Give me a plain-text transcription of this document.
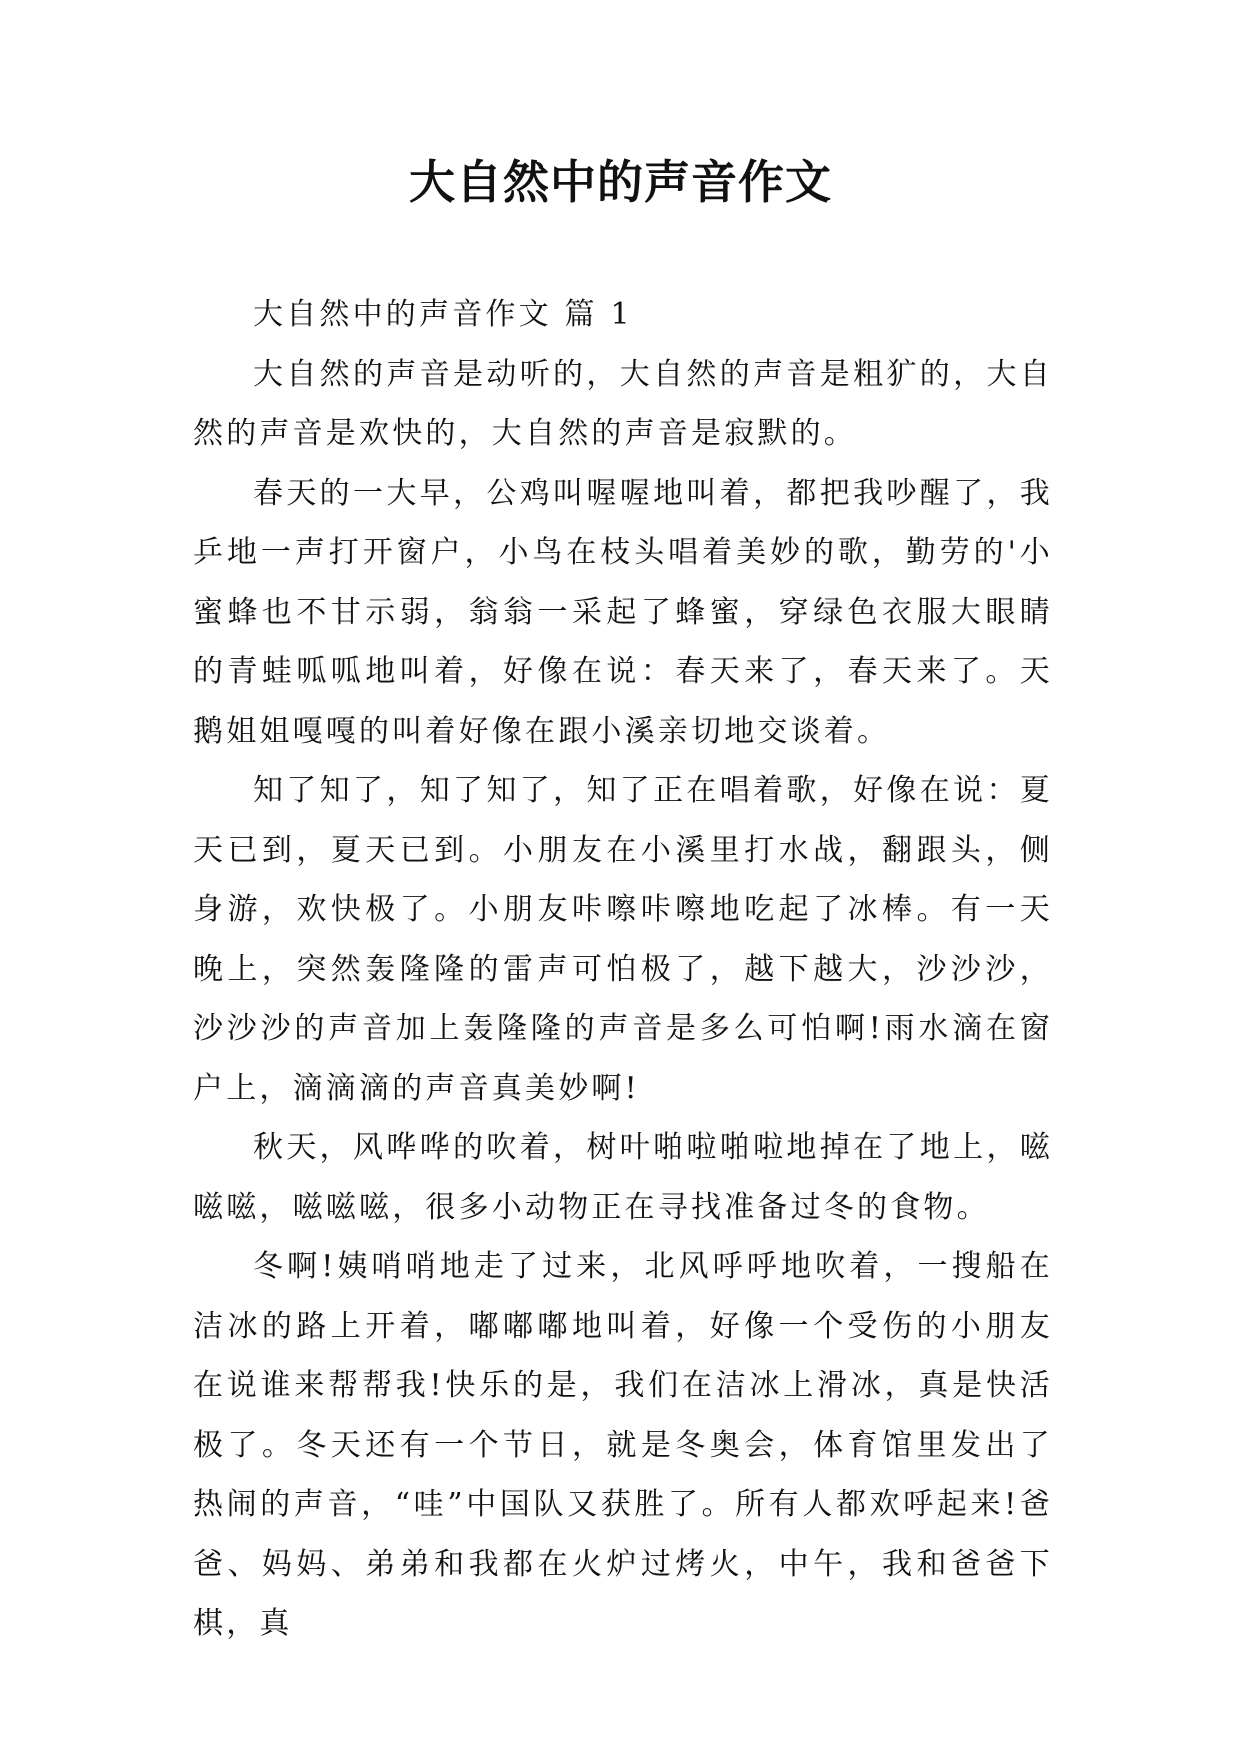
大自然中的声音作文

大自然中的声音作文 篇 1

大自然的声音是动听的，大自然的声音是粗犷的，大自然的声音是欢快的，大自然的声音是寂默的。

春天的一大早，公鸡叫喔喔地叫着，都把我吵醒了，我乒地一声打开窗户，小鸟在枝头唱着美妙的歌，勤劳的'小蜜蜂也不甘示弱，翁翁一采起了蜂蜜，穿绿色衣服大眼睛的青蛙呱呱地叫着，好像在说：春天来了，春天来了。天鹅姐姐嘎嘎的叫着好像在跟小溪亲切地交谈着。

知了知了，知了知了，知了正在唱着歌，好像在说：夏天已到，夏天已到。小朋友在小溪里打水战，翻跟头，侧身游，欢快极了。小朋友咔嚓咔嚓地吃起了冰棒。有一天晚上，突然轰隆隆的雷声可怕极了，越下越大，沙沙沙，沙沙沙的声音加上轰隆隆的声音是多么可怕啊!雨水滴在窗户上，滴滴滴的声音真美妙啊!

秋天，风哗哗的吹着，树叶啪啦啪啦地掉在了地上，嗞嗞嗞，嗞嗞嗞，很多小动物正在寻找准备过冬的食物。

冬啊!姨哨哨地走了过来，北风呼呼地吹着，一搜船在洁冰的路上开着，嘟嘟嘟地叫着，好像一个受伤的小朋友在说谁来帮帮我!快乐的是，我们在洁冰上滑冰，真是快活极了。冬天还有一个节日，就是冬奥会，体育馆里发出了热闹的声音，“哇”中国队又获胜了。所有人都欢呼起来!爸爸、妈妈、弟弟和我都在火炉过烤火，中午，我和爸爸下棋，真
